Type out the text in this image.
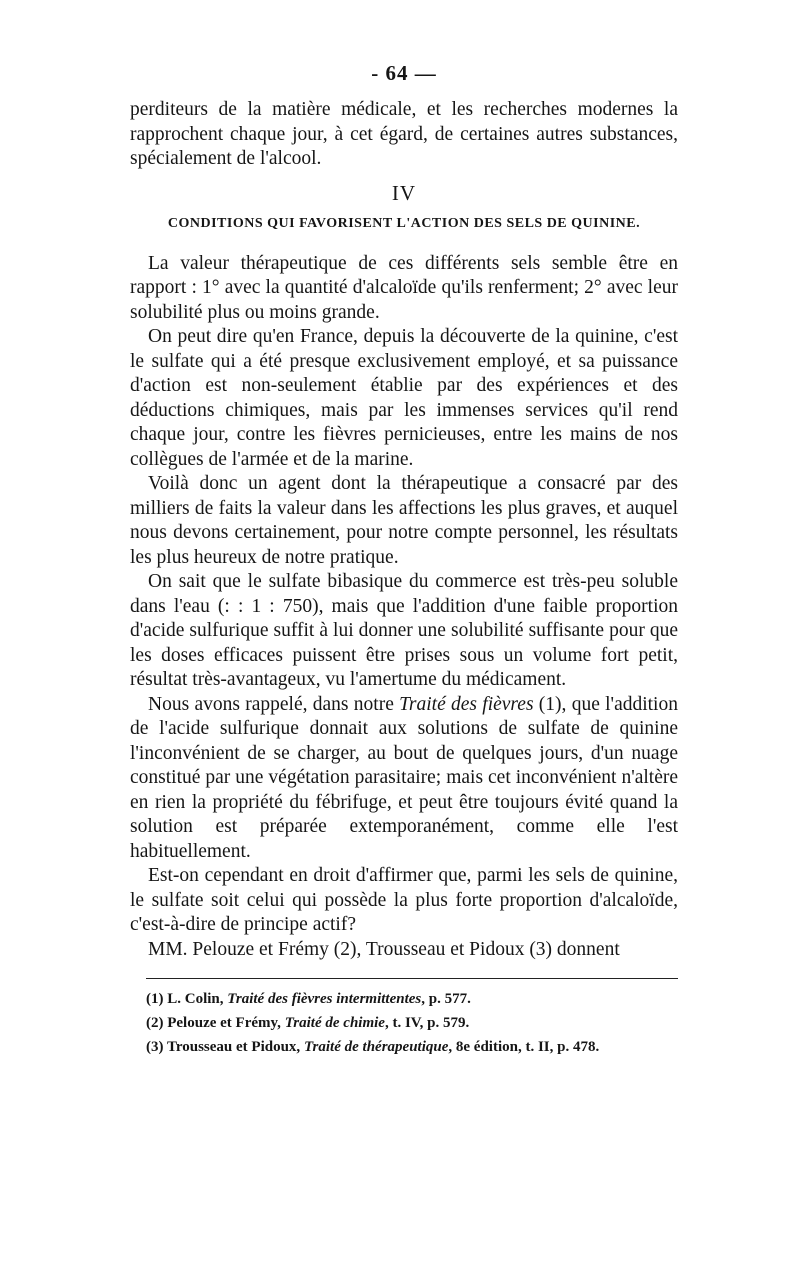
- 64 —

perditeurs de la matière médicale, et les recherches modernes la rapprochent chaque jour, à cet égard, de certaines autres substances, spécialement de l'alcool.

IV
CONDITIONS QUI FAVORISENT L'ACTION DES SELS DE QUININE.

La valeur thérapeutique de ces différents sels semble être en rapport : 1° avec la quantité d'alcaloïde qu'ils renferment; 2° avec leur solubilité plus ou moins grande.

On peut dire qu'en France, depuis la découverte de la quinine, c'est le sulfate qui a été presque exclusivement employé, et sa puissance d'action est non-seulement établie par des expériences et des déductions chimiques, mais par les immenses services qu'il rend chaque jour, contre les fièvres pernicieuses, entre les mains de nos collègues de l'armée et de la marine.

Voilà donc un agent dont la thérapeutique a consacré par des milliers de faits la valeur dans les affections les plus graves, et auquel nous devons certainement, pour notre compte personnel, les résultats les plus heureux de notre pratique.

On sait que le sulfate bibasique du commerce est très-peu soluble dans l'eau (: : 1 : 750), mais que l'addition d'une faible proportion d'acide sulfurique suffit à lui donner une solubilité suffisante pour que les doses efficaces puissent être prises sous un volume fort petit, résultat très-avantageux, vu l'amertume du médicament.

Nous avons rappelé, dans notre Traité des fièvres (1), que l'addition de l'acide sulfurique donnait aux solutions de sulfate de quinine l'inconvénient de se charger, au bout de quelques jours, d'un nuage constitué par une végétation parasitaire; mais cet inconvénient n'altère en rien la propriété du fébrifuge, et peut être toujours évité quand la solution est préparée extemporanément, comme elle l'est habituellement.

Est-on cependant en droit d'affirmer que, parmi les sels de quinine, le sulfate soit celui qui possède la plus forte proportion d'alcaloïde, c'est-à-dire de principe actif?

MM. Pelouze et Frémy (2), Trousseau et Pidoux (3) donnent

(1) L. Colin, Traité des fièvres intermittentes, p. 577.
(2) Pelouze et Frémy, Traité de chimie, t. IV, p. 579.
(3) Trousseau et Pidoux, Traité de thérapeutique, 8e édition, t. II, p. 478.
